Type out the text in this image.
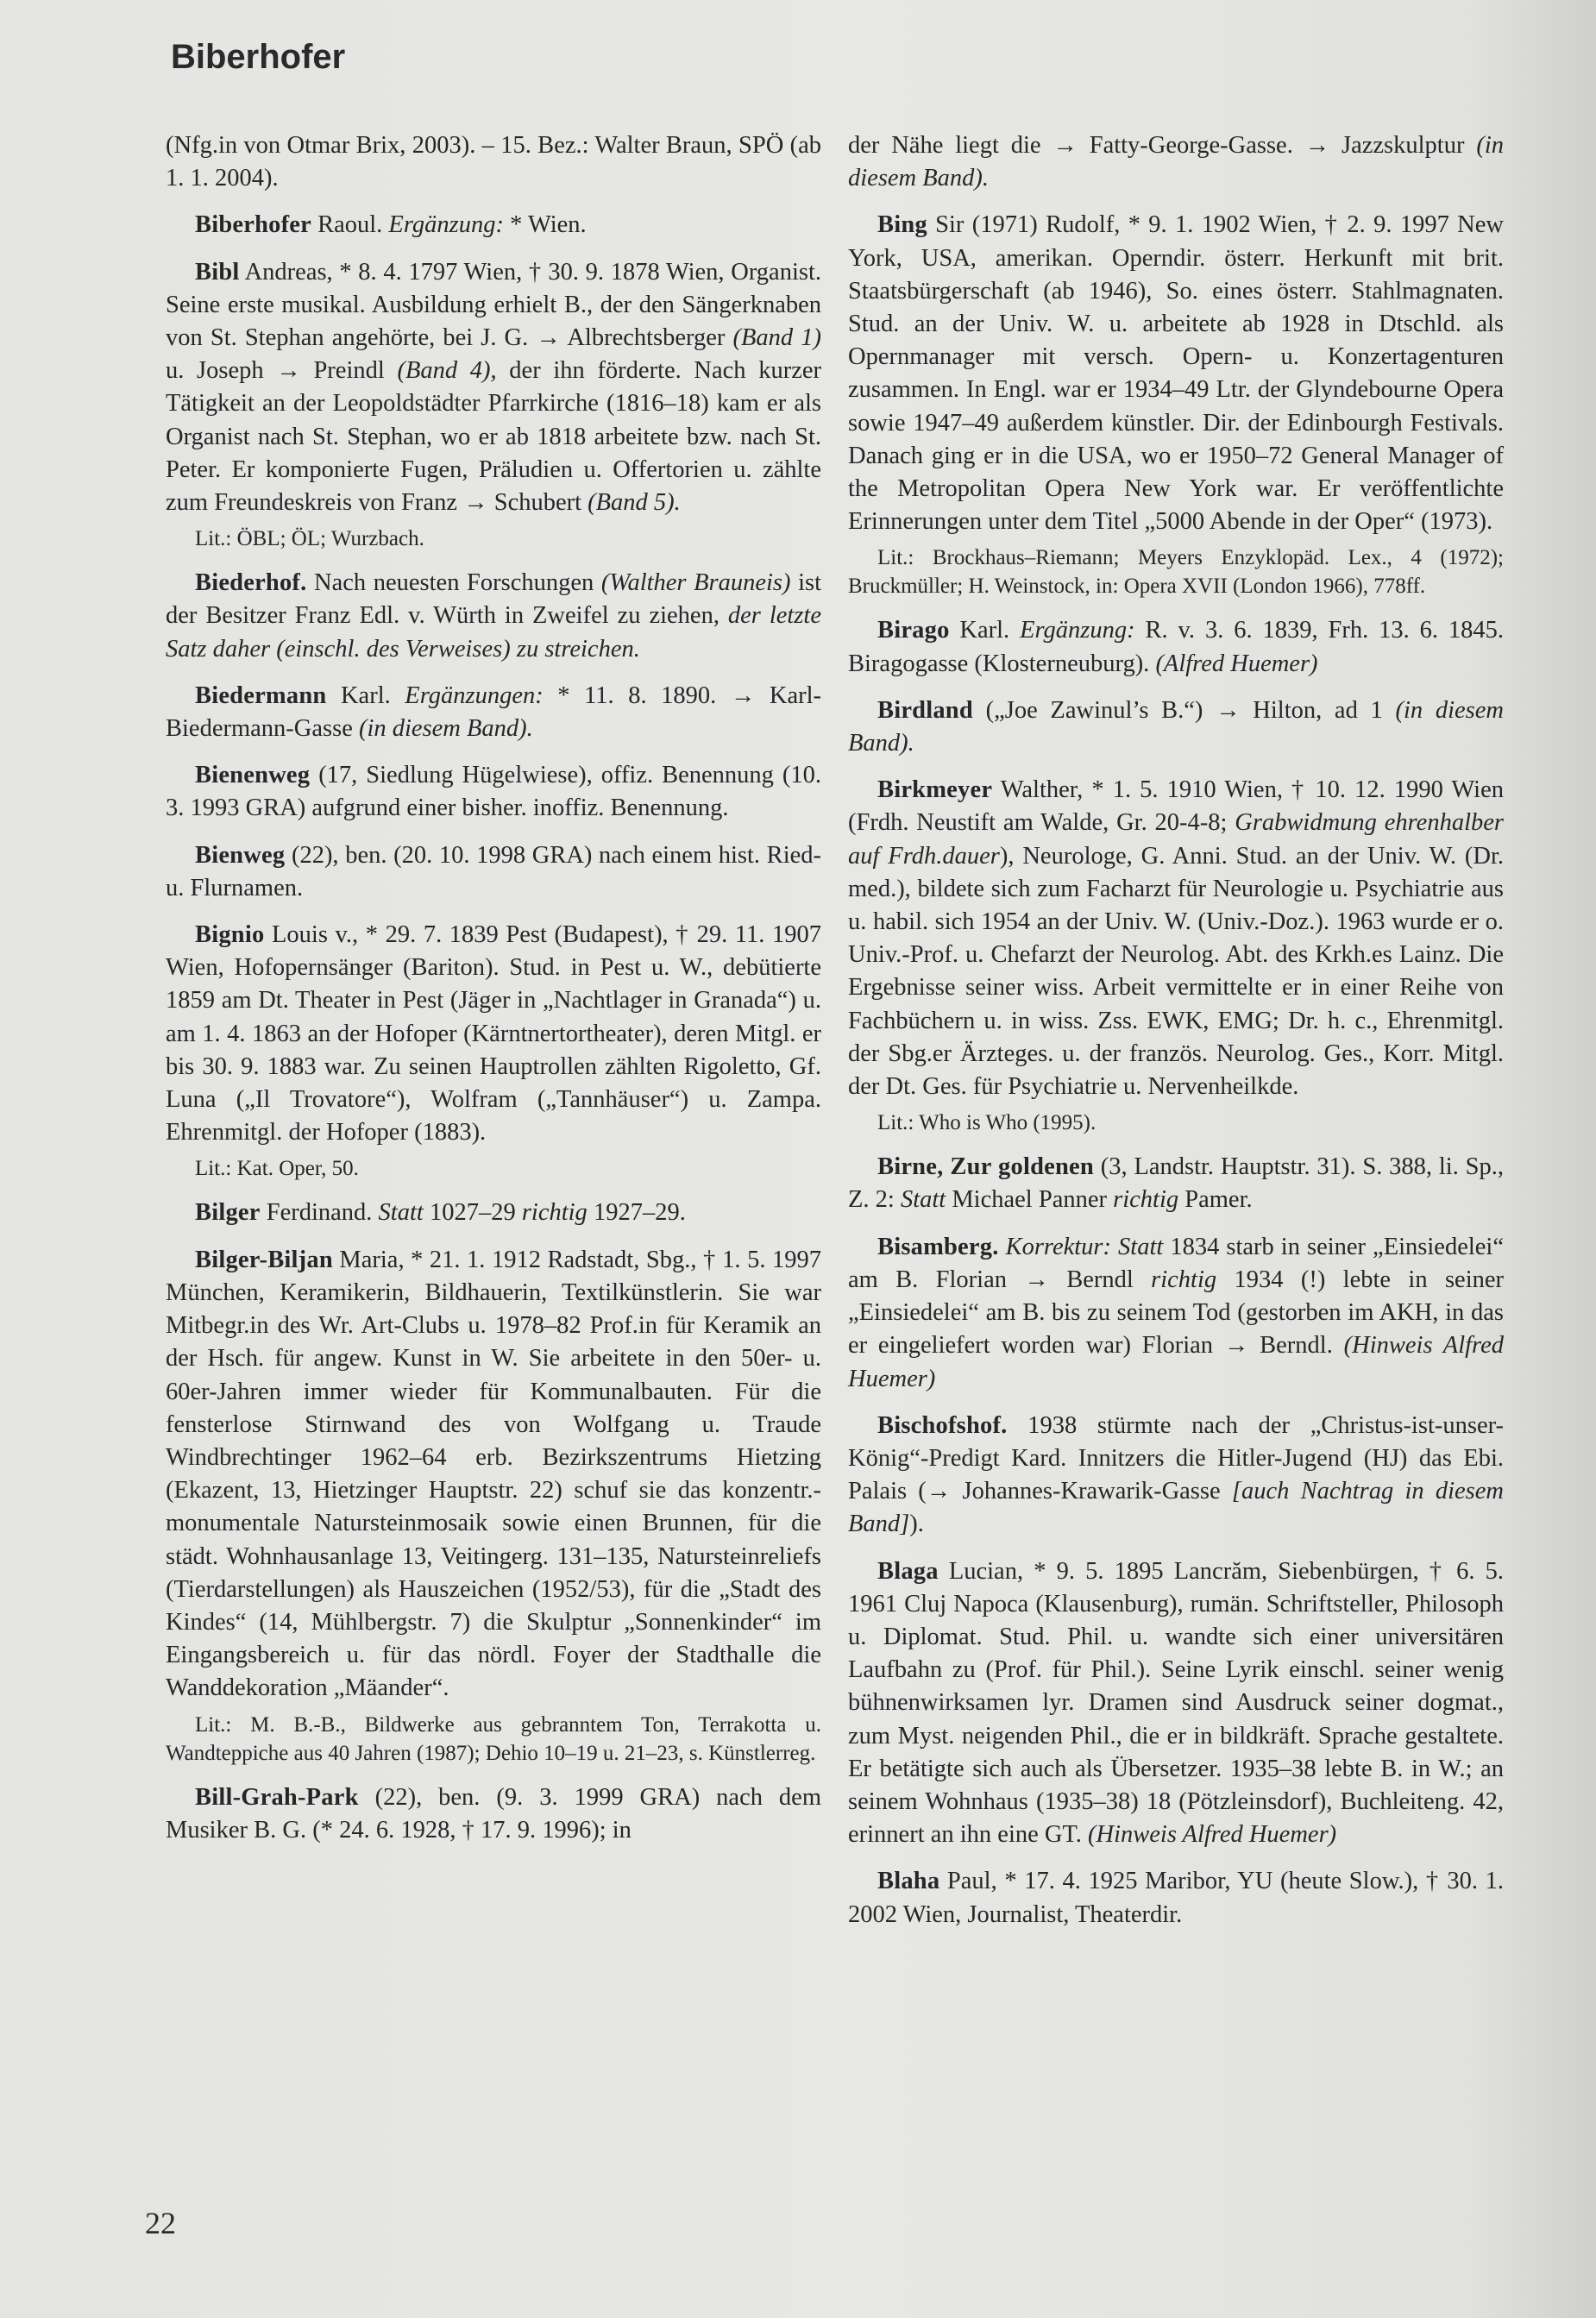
Biberhofer

(Nfg.in von Otmar Brix, 2003). – 15. Bez.: Walter Braun, SPÖ (ab 1. 1. 2004).

Biberhofer Raoul. Ergänzung: * Wien.

Bibl Andreas, * 8. 4. 1797 Wien, † 30. 9. 1878 Wien, Organist. Seine erste musikal. Ausbildung erhielt B., der den Sängerknaben von St. Stephan angehörte, bei J. G. → Albrechtsberger (Band 1) u. Joseph → Preindl (Band 4), der ihn förderte. Nach kurzer Tätigkeit an der Leopoldstädter Pfarrkirche (1816–18) kam er als Organist nach St. Stephan, wo er ab 1818 arbeitete bzw. nach St. Peter. Er komponierte Fugen, Präludien u. Offertorien u. zählte zum Freundeskreis von Franz → Schubert (Band 5).

Lit.: ÖBL; ÖL; Wurzbach.

Biederhof. Nach neuesten Forschungen (Walther Brauneis) ist der Besitzer Franz Edl. v. Würth in Zweifel zu ziehen, der letzte Satz daher (einschl. des Verweises) zu streichen.

Biedermann Karl. Ergänzungen: * 11. 8. 1890. → Karl-Biedermann-Gasse (in diesem Band).

Bienenweg (17, Siedlung Hügelwiese), offiz. Benennung (10. 3. 1993 GRA) aufgrund einer bisher. inoffiz. Benennung.

Bienweg (22), ben. (20. 10. 1998 GRA) nach einem hist. Ried- u. Flurnamen.

Bignio Louis v., * 29. 7. 1839 Pest (Budapest), † 29. 11. 1907 Wien, Hofopernsänger (Bariton). Stud. in Pest u. W., debütierte 1859 am Dt. Theater in Pest (Jäger in „Nachtlager in Granada“) u. am 1. 4. 1863 an der Hofoper (Kärntnertortheater), deren Mitgl. er bis 30. 9. 1883 war. Zu seinen Hauptrollen zählten Rigoletto, Gf. Luna („Il Trovatore“), Wolfram („Tannhäuser“) u. Zampa. Ehrenmitgl. der Hofoper (1883).

Lit.: Kat. Oper, 50.

Bilger Ferdinand. Statt 1027–29 richtig 1927–29.

Bilger-Biljan Maria, * 21. 1. 1912 Radstadt, Sbg., † 1. 5. 1997 München, Keramikerin, Bildhauerin, Textilkünstlerin. Sie war Mitbegr.in des Wr. Art-Clubs u. 1978–82 Prof.in für Keramik an der Hsch. für angew. Kunst in W. Sie arbeitete in den 50er- u. 60er-Jahren immer wieder für Kommunalbauten. Für die fensterlose Stirnwand des von Wolfgang u. Traude Windbrechtinger 1962–64 erb. Bezirkszentrums Hietzing (Ekazent, 13, Hietzinger Hauptstr. 22) schuf sie das konzentr.-monumentale Natursteinmosaik sowie einen Brunnen, für die städt. Wohnhausanlage 13, Veitingerg. 131–135, Natursteinreliefs (Tierdarstellungen) als Hauszeichen (1952/53), für die „Stadt des Kindes“ (14, Mühlbergstr. 7) die Skulptur „Sonnenkinder“ im Eingangsbereich u. für das nördl. Foyer der Stadthalle die Wanddekoration „Mäander“.

Lit.: M. B.-B., Bildwerke aus gebranntem Ton, Terrakotta u. Wandteppiche aus 40 Jahren (1987); Dehio 10–19 u. 21–23, s. Künstlerreg.

Bill-Grah-Park (22), ben. (9. 3. 1999 GRA) nach dem Musiker B. G. (* 24. 6. 1928, † 17. 9. 1996); in

der Nähe liegt die → Fatty-George-Gasse. → Jazzskulptur (in diesem Band).

Bing Sir (1971) Rudolf, * 9. 1. 1902 Wien, † 2. 9. 1997 New York, USA, amerikan. Operndir. österr. Herkunft mit brit. Staatsbürgerschaft (ab 1946), So. eines österr. Stahlmagnaten. Stud. an der Univ. W. u. arbeitete ab 1928 in Dtschld. als Opernmanager mit versch. Opern- u. Konzertagenturen zusammen. In Engl. war er 1934–49 Ltr. der Glyndebourne Opera sowie 1947–49 außerdem künstler. Dir. der Edinbourgh Festivals. Danach ging er in die USA, wo er 1950–72 General Manager of the Metropolitan Opera New York war. Er veröffentlichte Erinnerungen unter dem Titel „5000 Abende in der Oper“ (1973).

Lit.: Brockhaus–Riemann; Meyers Enzyklopäd. Lex., 4 (1972); Bruckmüller; H. Weinstock, in: Opera XVII (London 1966), 778ff.

Birago Karl. Ergänzung: R. v. 3. 6. 1839, Frh. 13. 6. 1845. Biragogasse (Klosterneuburg). (Alfred Huemer)

Birdland („Joe Zawinul’s B.“) → Hilton, ad 1 (in diesem Band).

Birkmeyer Walther, * 1. 5. 1910 Wien, † 10. 12. 1990 Wien (Frdh. Neustift am Walde, Gr. 20-4-8; Grabwidmung ehrenhalber auf Frdh.dauer), Neurologe, G. Anni. Stud. an der Univ. W. (Dr. med.), bildete sich zum Facharzt für Neurologie u. Psychiatrie aus u. habil. sich 1954 an der Univ. W. (Univ.-Doz.). 1963 wurde er o. Univ.-Prof. u. Chefarzt der Neurolog. Abt. des Krkh.es Lainz. Die Ergebnisse seiner wiss. Arbeit vermittelte er in einer Reihe von Fachbüchern u. in wiss. Zss. EWK, EMG; Dr. h. c., Ehrenmitgl. der Sbg.er Ärzteges. u. der französ. Neurolog. Ges., Korr. Mitgl. der Dt. Ges. für Psychiatrie u. Nervenheilkde.

Lit.: Who is Who (1995).

Birne, Zur goldenen (3, Landstr. Hauptstr. 31). S. 388, li. Sp., Z. 2: Statt Michael Panner richtig Pamer.

Bisamberg. Korrektur: Statt 1834 starb in seiner „Einsiedelei“ am B. Florian → Berndl richtig 1934 (!) lebte in seiner „Einsiedelei“ am B. bis zu seinem Tod (gestorben im AKH, in das er eingeliefert worden war) Florian → Berndl. (Hinweis Alfred Huemer)

Bischofshof. 1938 stürmte nach der „Christus-ist-unser-König“-Predigt Kard. Innitzers die Hitler-Jugend (HJ) das Ebi. Palais (→ Johannes-Krawarik-Gasse [auch Nachtrag in diesem Band]).

Blaga Lucian, * 9. 5. 1895 Lancrăm, Siebenbürgen, † 6. 5. 1961 Cluj Napoca (Klausenburg), rumän. Schriftsteller, Philosoph u. Diplomat. Stud. Phil. u. wandte sich einer universitären Laufbahn zu (Prof. für Phil.). Seine Lyrik einschl. seiner wenig bühnenwirksamen lyr. Dramen sind Ausdruck seiner dogmat., zum Myst. neigenden Phil., die er in bildkräft. Sprache gestaltete. Er betätigte sich auch als Übersetzer. 1935–38 lebte B. in W.; an seinem Wohnhaus (1935–38) 18 (Pötzleinsdorf), Buchleiteng. 42, erinnert an ihn eine GT. (Hinweis Alfred Huemer)

Blaha Paul, * 17. 4. 1925 Maribor, YU (heute Slow.), † 30. 1. 2002 Wien, Journalist, Theaterdir.

22
